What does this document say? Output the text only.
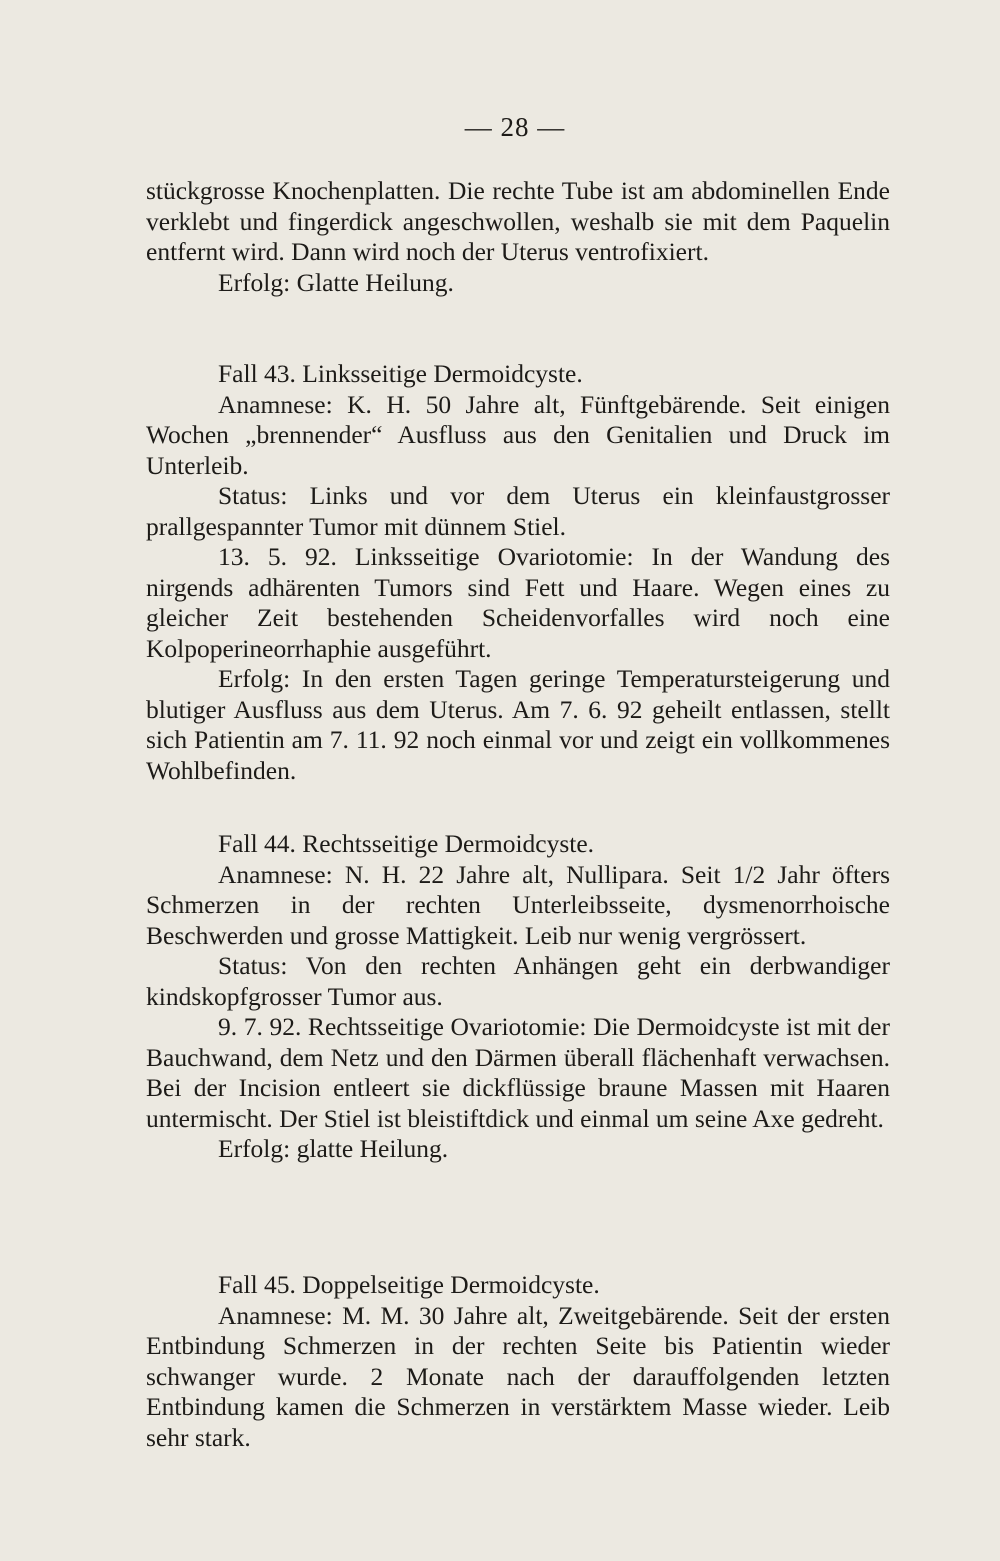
— 28 —

stückgrosse Knochenplatten. Die rechte Tube ist am abdominellen Ende verklebt und fingerdick angeschwollen, weshalb sie mit dem Paquelin entfernt wird. Dann wird noch der Uterus ventrofixiert.

Erfolg: Glatte Heilung.

Fall 43. Linksseitige Dermoidcyste.

Anamnese: K. H. 50 Jahre alt, Fünftgebärende. Seit einigen Wochen „brennender“ Ausfluss aus den Genitalien und Druck im Unterleib.

Status: Links und vor dem Uterus ein kleinfaustgrosser prallgespannter Tumor mit dünnem Stiel.

13. 5. 92. Linksseitige Ovariotomie: In der Wandung des nirgends adhärenten Tumors sind Fett und Haare. Wegen eines zu gleicher Zeit bestehenden Scheidenvorfalles wird noch eine Kolpoperineorrhaphie ausgeführt.

Erfolg: In den ersten Tagen geringe Temperatursteigerung und blutiger Ausfluss aus dem Uterus. Am 7. 6. 92 geheilt entlassen, stellt sich Patientin am 7. 11. 92 noch einmal vor und zeigt ein vollkommenes Wohlbefinden.

Fall 44. Rechtsseitige Dermoidcyste.

Anamnese: N. H. 22 Jahre alt, Nullipara. Seit 1/2 Jahr öfters Schmerzen in der rechten Unterleibsseite, dysmenorrhoische Beschwerden und grosse Mattigkeit. Leib nur wenig vergrössert.

Status: Von den rechten Anhängen geht ein derbwandiger kindskopfgrosser Tumor aus.

9. 7. 92. Rechtsseitige Ovariotomie: Die Dermoidcyste ist mit der Bauchwand, dem Netz und den Därmen überall flächenhaft verwachsen. Bei der Incision entleert sie dickflüssige braune Massen mit Haaren untermischt. Der Stiel ist bleistiftdick und einmal um seine Axe gedreht.

Erfolg: glatte Heilung.

Fall 45. Doppelseitige Dermoidcyste.

Anamnese: M. M. 30 Jahre alt, Zweitgebärende. Seit der ersten Entbindung Schmerzen in der rechten Seite bis Patientin wieder schwanger wurde. 2 Monate nach der darauffolgenden letzten Entbindung kamen die Schmerzen in verstärktem Masse wieder. Leib sehr stark.
